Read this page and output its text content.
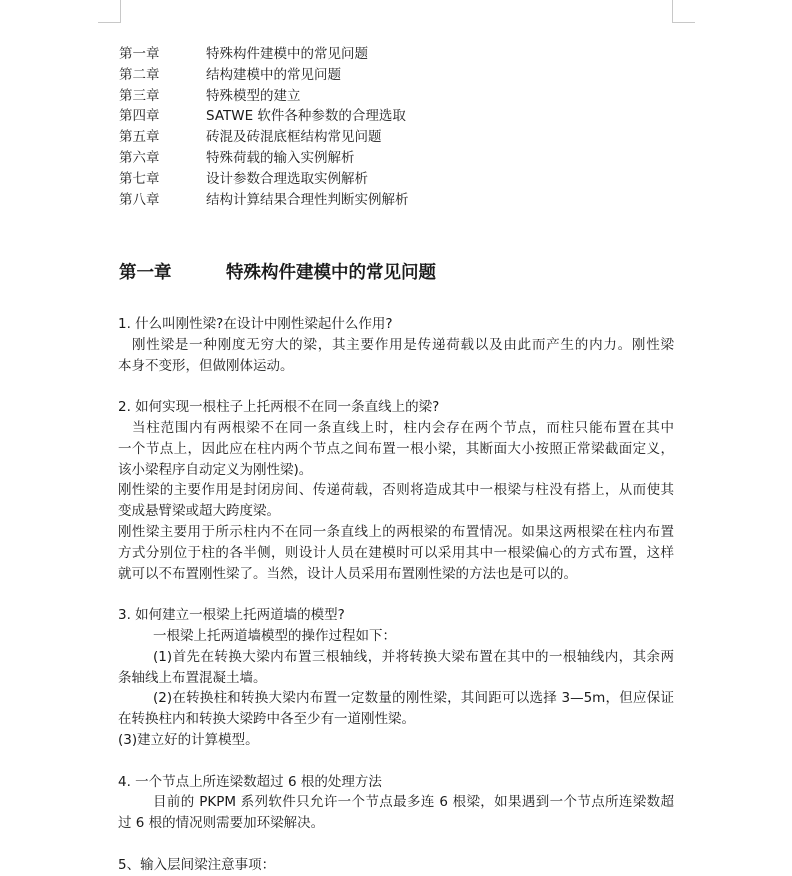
第一章	特殊构件建模中的常见问题
第二章	结构建模中的常见问题
第三章	特殊模型的建立
第四章	SATWE 软件各种参数的合理选取
第五章	砖混及砖混底框结构常见问题
第六章	特殊荷载的输入实例解析
第七章	设计参数合理选取实例解析
第八章	结构计算结果合理性判断实例解析
第一章	特殊构件建模中的常见问题
1. 什么叫刚性梁?在设计中刚性梁起什么作用?
刚性梁是一种刚度无穷大的梁，其主要作用是传递荷载以及由此而产生的内力。刚性梁
本身不变形，但做刚体运动。
2. 如何实现一根柱子上托两根不在同一条直线上的梁?
当柱范围内有两根梁不在同一条直线上时，柱内会存在两个节点，而柱只能布置在其中
一个节点上，因此应在柱内两个节点之间布置一根小梁，其断面大小按照正常梁截面定义，
该小梁程序自动定义为刚性梁)。
刚性梁的主要作用是封闭房间、传递荷载，否则将造成其中一根梁与柱没有搭上，从而使其
变成悬臂梁或超大跨度梁。
刚性梁主要用于所示柱内不在同一条直线上的两根梁的布置情况。如果这两根梁在柱内布置
方式分别位于柱的各半侧，则设计人员在建模时可以采用其中一根梁偏心的方式布置，这样
就可以不布置刚性梁了。当然，设计人员采用布置刚性梁的方法也是可以的。
3. 如何建立一根梁上托两道墙的模型?
一根梁上托两道墙模型的操作过程如下：
(1)首先在转换大梁内布置三根轴线，并将转换大梁布置在其中的一根轴线内，其余两
条轴线上布置混凝土墙。
(2)在转换柱和转换大梁内布置一定数量的刚性梁，其间距可以选择 3—5m，但应保证
在转换柱内和转换大梁跨中各至少有一道刚性梁。
(3)建立好的计算模型。
4. 一个节点上所连梁数超过 6 根的处理方法
目前的 PKPM 系列软件只允许一个节点最多连 6 根梁，如果遇到一个节点所连梁数超
过 6 根的情况则需要加环梁解决。
5、输入层间梁注意事项：
